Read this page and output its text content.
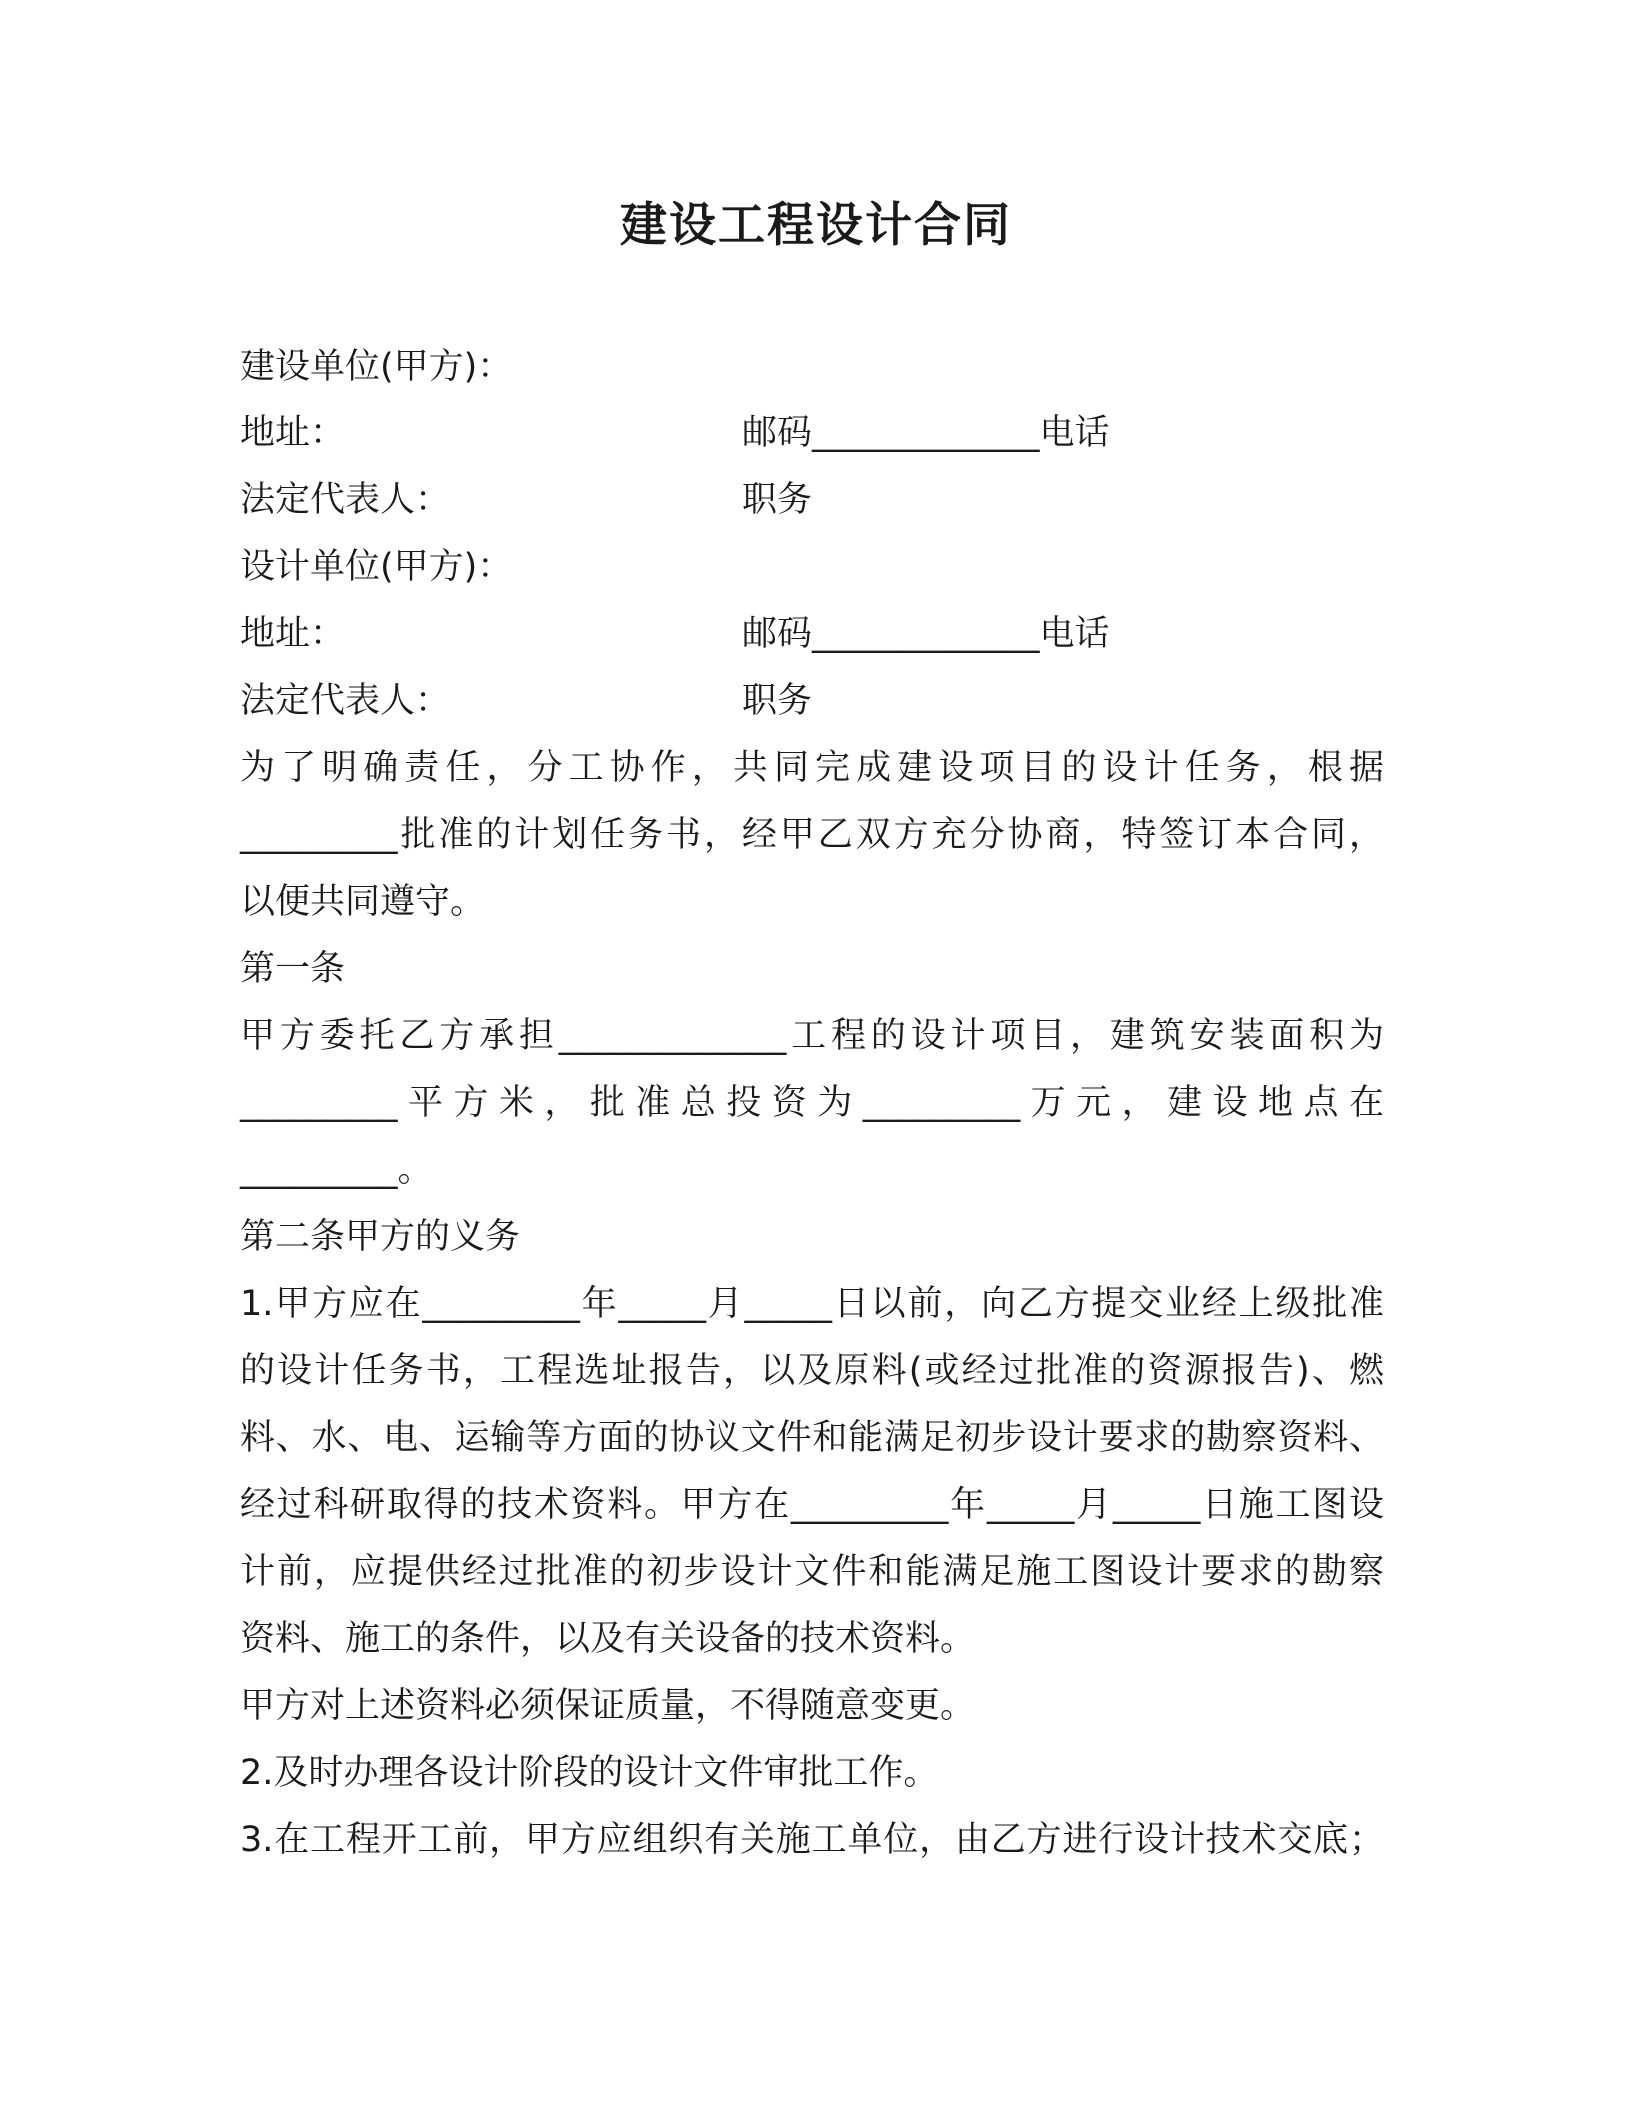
建设工程设计合同
建设单位(甲方)：
地址：	邮码_____________电话
法定代表人：	职务
设计单位(甲方)：
地址：	邮码_____________电话
法定代表人：	职务
为了明确责任，分工协作，共同完成建设项目的设计任务，根据
_________批准的计划任务书，经甲乙双方充分协商，特签订本合同，
以便共同遵守。
第一条
甲方委托乙方承担_____________工程的设计项目，建筑安装面积为
_________平方米，批准总投资为_________万元，建设地点在
_________。
第二条甲方的义务
1.甲方应在_________年_____月_____日以前，向乙方提交业经上级批准
的设计任务书，工程选址报告，以及原料(或经过批准的资源报告)、燃
料、水、电、运输等方面的协议文件和能满足初步设计要求的勘察资料、
经过科研取得的技术资料。甲方在_________年_____月_____日施工图设
计前，应提供经过批准的初步设计文件和能满足施工图设计要求的勘察
资料、施工的条件，以及有关设备的技术资料。
甲方对上述资料必须保证质量，不得随意变更。
2.及时办理各设计阶段的设计文件审批工作。
3.在工程开工前，甲方应组织有关施工单位，由乙方进行设计技术交底；
